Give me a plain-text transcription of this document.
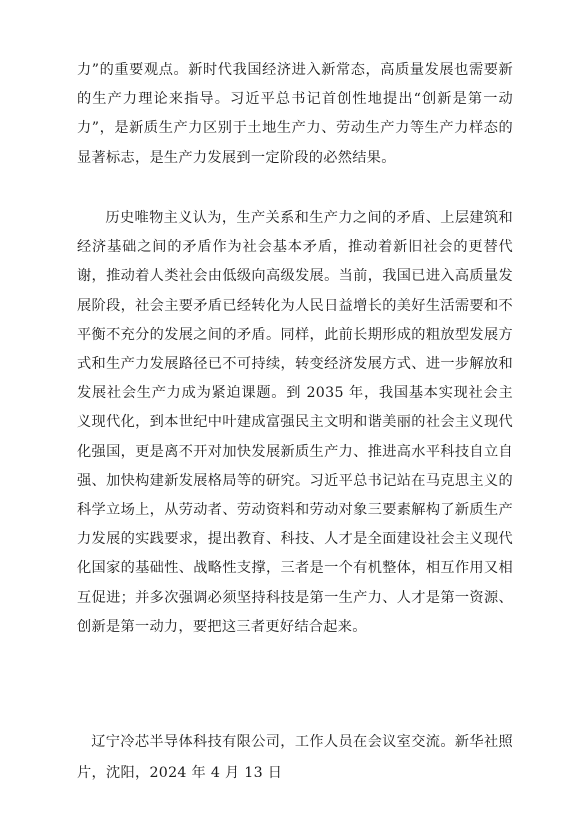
力”的重要观点。新时代我国经济进入新常态，高质量发展也需要新的生产力理论来指导。习近平总书记首创性地提出“创新是第一动力”，是新质生产力区别于土地生产力、劳动生产力等生产力样态的显著标志，是生产力发展到一定阶段的必然结果。

历史唯物主义认为，生产关系和生产力之间的矛盾、上层建筑和经济基础之间的矛盾作为社会基本矛盾，推动着新旧社会的更替代谢，推动着人类社会由低级向高级发展。当前，我国已进入高质量发展阶段，社会主要矛盾已经转化为人民日益增长的美好生活需要和不平衡不充分的发展之间的矛盾。同样，此前长期形成的粗放型发展方式和生产力发展路径已不可持续，转变经济发展方式、进一步解放和发展社会生产力成为紧迫课题。到 2035 年，我国基本实现社会主义现代化，到本世纪中叶建成富强民主文明和谐美丽的社会主义现代化强国，更是离不开对加快发展新质生产力、推进高水平科技自立自强、加快构建新发展格局等的研究。习近平总书记站在马克思主义的科学立场上，从劳动者、劳动资料和劳动对象三要素解构了新质生产力发展的实践要求，提出教育、科技、人才是全面建设社会主义现代化国家的基础性、战略性支撑，三者是一个有机整体，相互作用又相互促进；并多次强调必须坚持科技是第一生产力、人才是第一资源、创新是第一动力，要把这三者更好结合起来。

辽宁冷芯半导体科技有限公司，工作人员在会议室交流。新华社照片，沈阳，2024 年 4 月 13 日
